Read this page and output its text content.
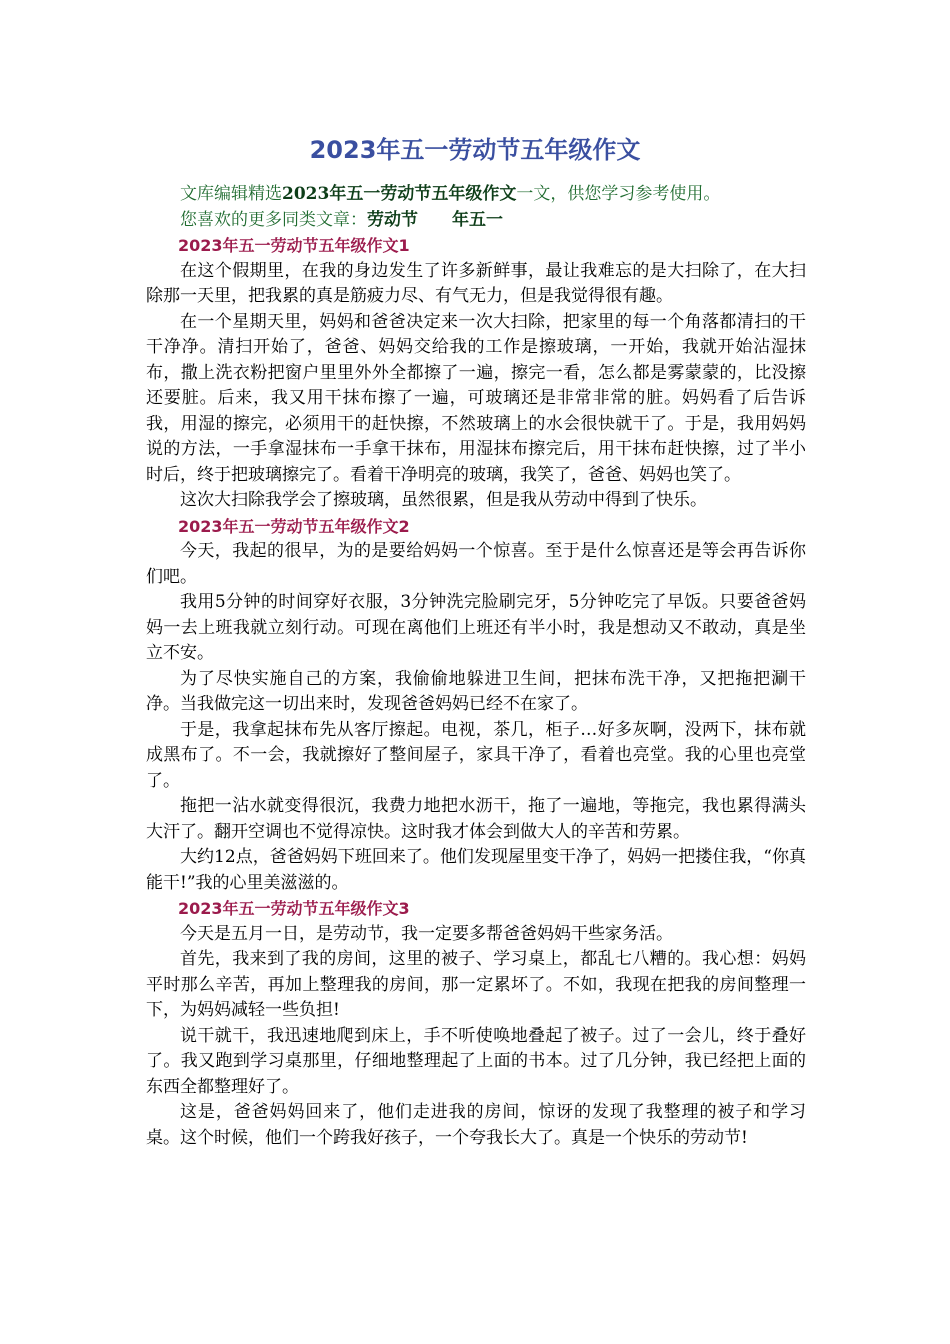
2023年五一劳动节五年级作文

文库编辑精选2023年五一劳动节五年级作文一文，供您学习参考使用。

您喜欢的更多同类文章：劳动节 年五一

2023年五一劳动节五年级作文1

在这个假期里，在我的身边发生了许多新鲜事，最让我难忘的是大扫除了，在大扫除那一天里，把我累的真是筋疲力尽、有气无力，但是我觉得很有趣。

在一个星期天里，妈妈和爸爸决定来一次大扫除，把家里的每一个角落都清扫的干干净净。清扫开始了，爸爸、妈妈交给我的工作是擦玻璃，一开始，我就开始沾湿抹布，撒上洗衣粉把窗户里里外外全都擦了一遍，擦完一看，怎么都是雾蒙蒙的，比没擦还要脏。后来，我又用干抹布擦了一遍，可玻璃还是非常非常的脏。妈妈看了后告诉我，用湿的擦完，必须用干的赶快擦，不然玻璃上的水会很快就干了。于是，我用妈妈说的方法，一手拿湿抹布一手拿干抹布，用湿抹布擦完后，用干抹布赶快擦，过了半小时后，终于把玻璃擦完了。看着干净明亮的玻璃，我笑了，爸爸、妈妈也笑了。

这次大扫除我学会了擦玻璃，虽然很累，但是我从劳动中得到了快乐。

2023年五一劳动节五年级作文2

今天，我起的很早，为的是要给妈妈一个惊喜。至于是什么惊喜还是等会再告诉你们吧。

我用5分钟的时间穿好衣服，3分钟洗完脸刷完牙，5分钟吃完了早饭。只要爸爸妈妈一去上班我就立刻行动。可现在离他们上班还有半小时，我是想动又不敢动，真是坐立不安。

为了尽快实施自己的方案，我偷偷地躲进卫生间，把抹布洗干净，又把拖把涮干净。当我做完这一切出来时，发现爸爸妈妈已经不在家了。

于是，我拿起抹布先从客厅擦起。电视，茶几，柜子…好多灰啊，没两下，抹布就成黑布了。不一会，我就擦好了整间屋子，家具干净了，看着也亮堂。我的心里也亮堂了。

拖把一沾水就变得很沉，我费力地把水沥干，拖了一遍地，等拖完，我也累得满头大汗了。翻开空调也不觉得凉快。这时我才体会到做大人的辛苦和劳累。

大约12点，爸爸妈妈下班回来了。他们发现屋里变干净了，妈妈一把搂住我，“你真能干!”我的心里美滋滋的。

2023年五一劳动节五年级作文3

今天是五月一日，是劳动节，我一定要多帮爸爸妈妈干些家务活。

首先，我来到了我的房间，这里的被子、学习桌上，都乱七八糟的。我心想：妈妈平时那么辛苦，再加上整理我的房间，那一定累坏了。不如，我现在把我的房间整理一下，为妈妈减轻一些负担!

说干就干，我迅速地爬到床上，手不听使唤地叠起了被子。过了一会儿，终于叠好了。我又跑到学习桌那里，仔细地整理起了上面的书本。过了几分钟，我已经把上面的东西全都整理好了。

这是，爸爸妈妈回来了，他们走进我的房间，惊讶的发现了我整理的被子和学习桌。这个时候，他们一个跨我好孩子，一个夸我长大了。真是一个快乐的劳动节!
